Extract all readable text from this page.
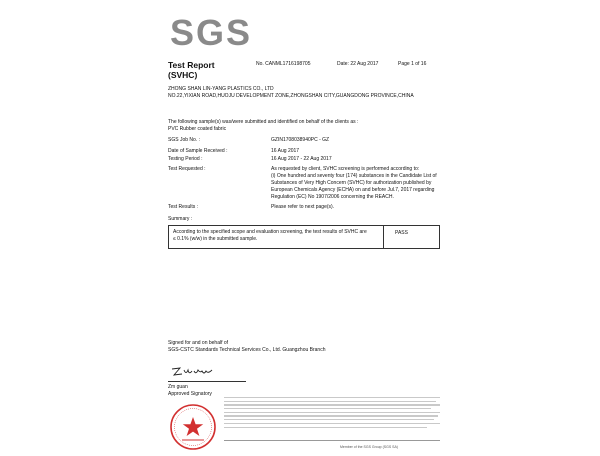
SGS
Test Report
(SVHC)
No. CANML1716198705	Date: 22 Aug 2017	Page 1 of 16
ZHONG SHAN LIN-YANG PLASTICS CO., LTD
NO.22,YIXIAN ROAD,HUOJU DEVELOPMENT ZONE,ZHONGSHAN CITY,GUANGDONG PROVINCE,CHINA
The following sample(s) was/were submitted and identified on behalf of the clients as :
PVC Rubber coated fabric
SGS Job No. :	GZIN1708038940PC - GZ
Date of Sample Received :	16 Aug 2017
Testing Period :	16 Aug 2017 - 22 Aug 2017
Test Requested :	As requested by client, SVHC screening is performed according to:
(i) One hundred and seventy four (174) substances in the Candidate List of
Substances of Very High Concern (SVHC) for authorization published by
European Chemicals Agency (ECHA) on and before Jul.7, 2017 regarding
Regulation (EC) No 1907/2006 concerning the REACH.
Test Results :	Please refer to next page(s).
Summary :
According to the specified scope and evaluation screening, the test results of SVHC are
≤ 0.1% (w/w) in the submitted sample.
PASS
Signed for and on behalf of
SGS-CSTC Standards Technical Services Co., Ltd. Guangzhou Branch
Zm guan
Approved Signatory
Member of the SGS Group (SGS SA)
